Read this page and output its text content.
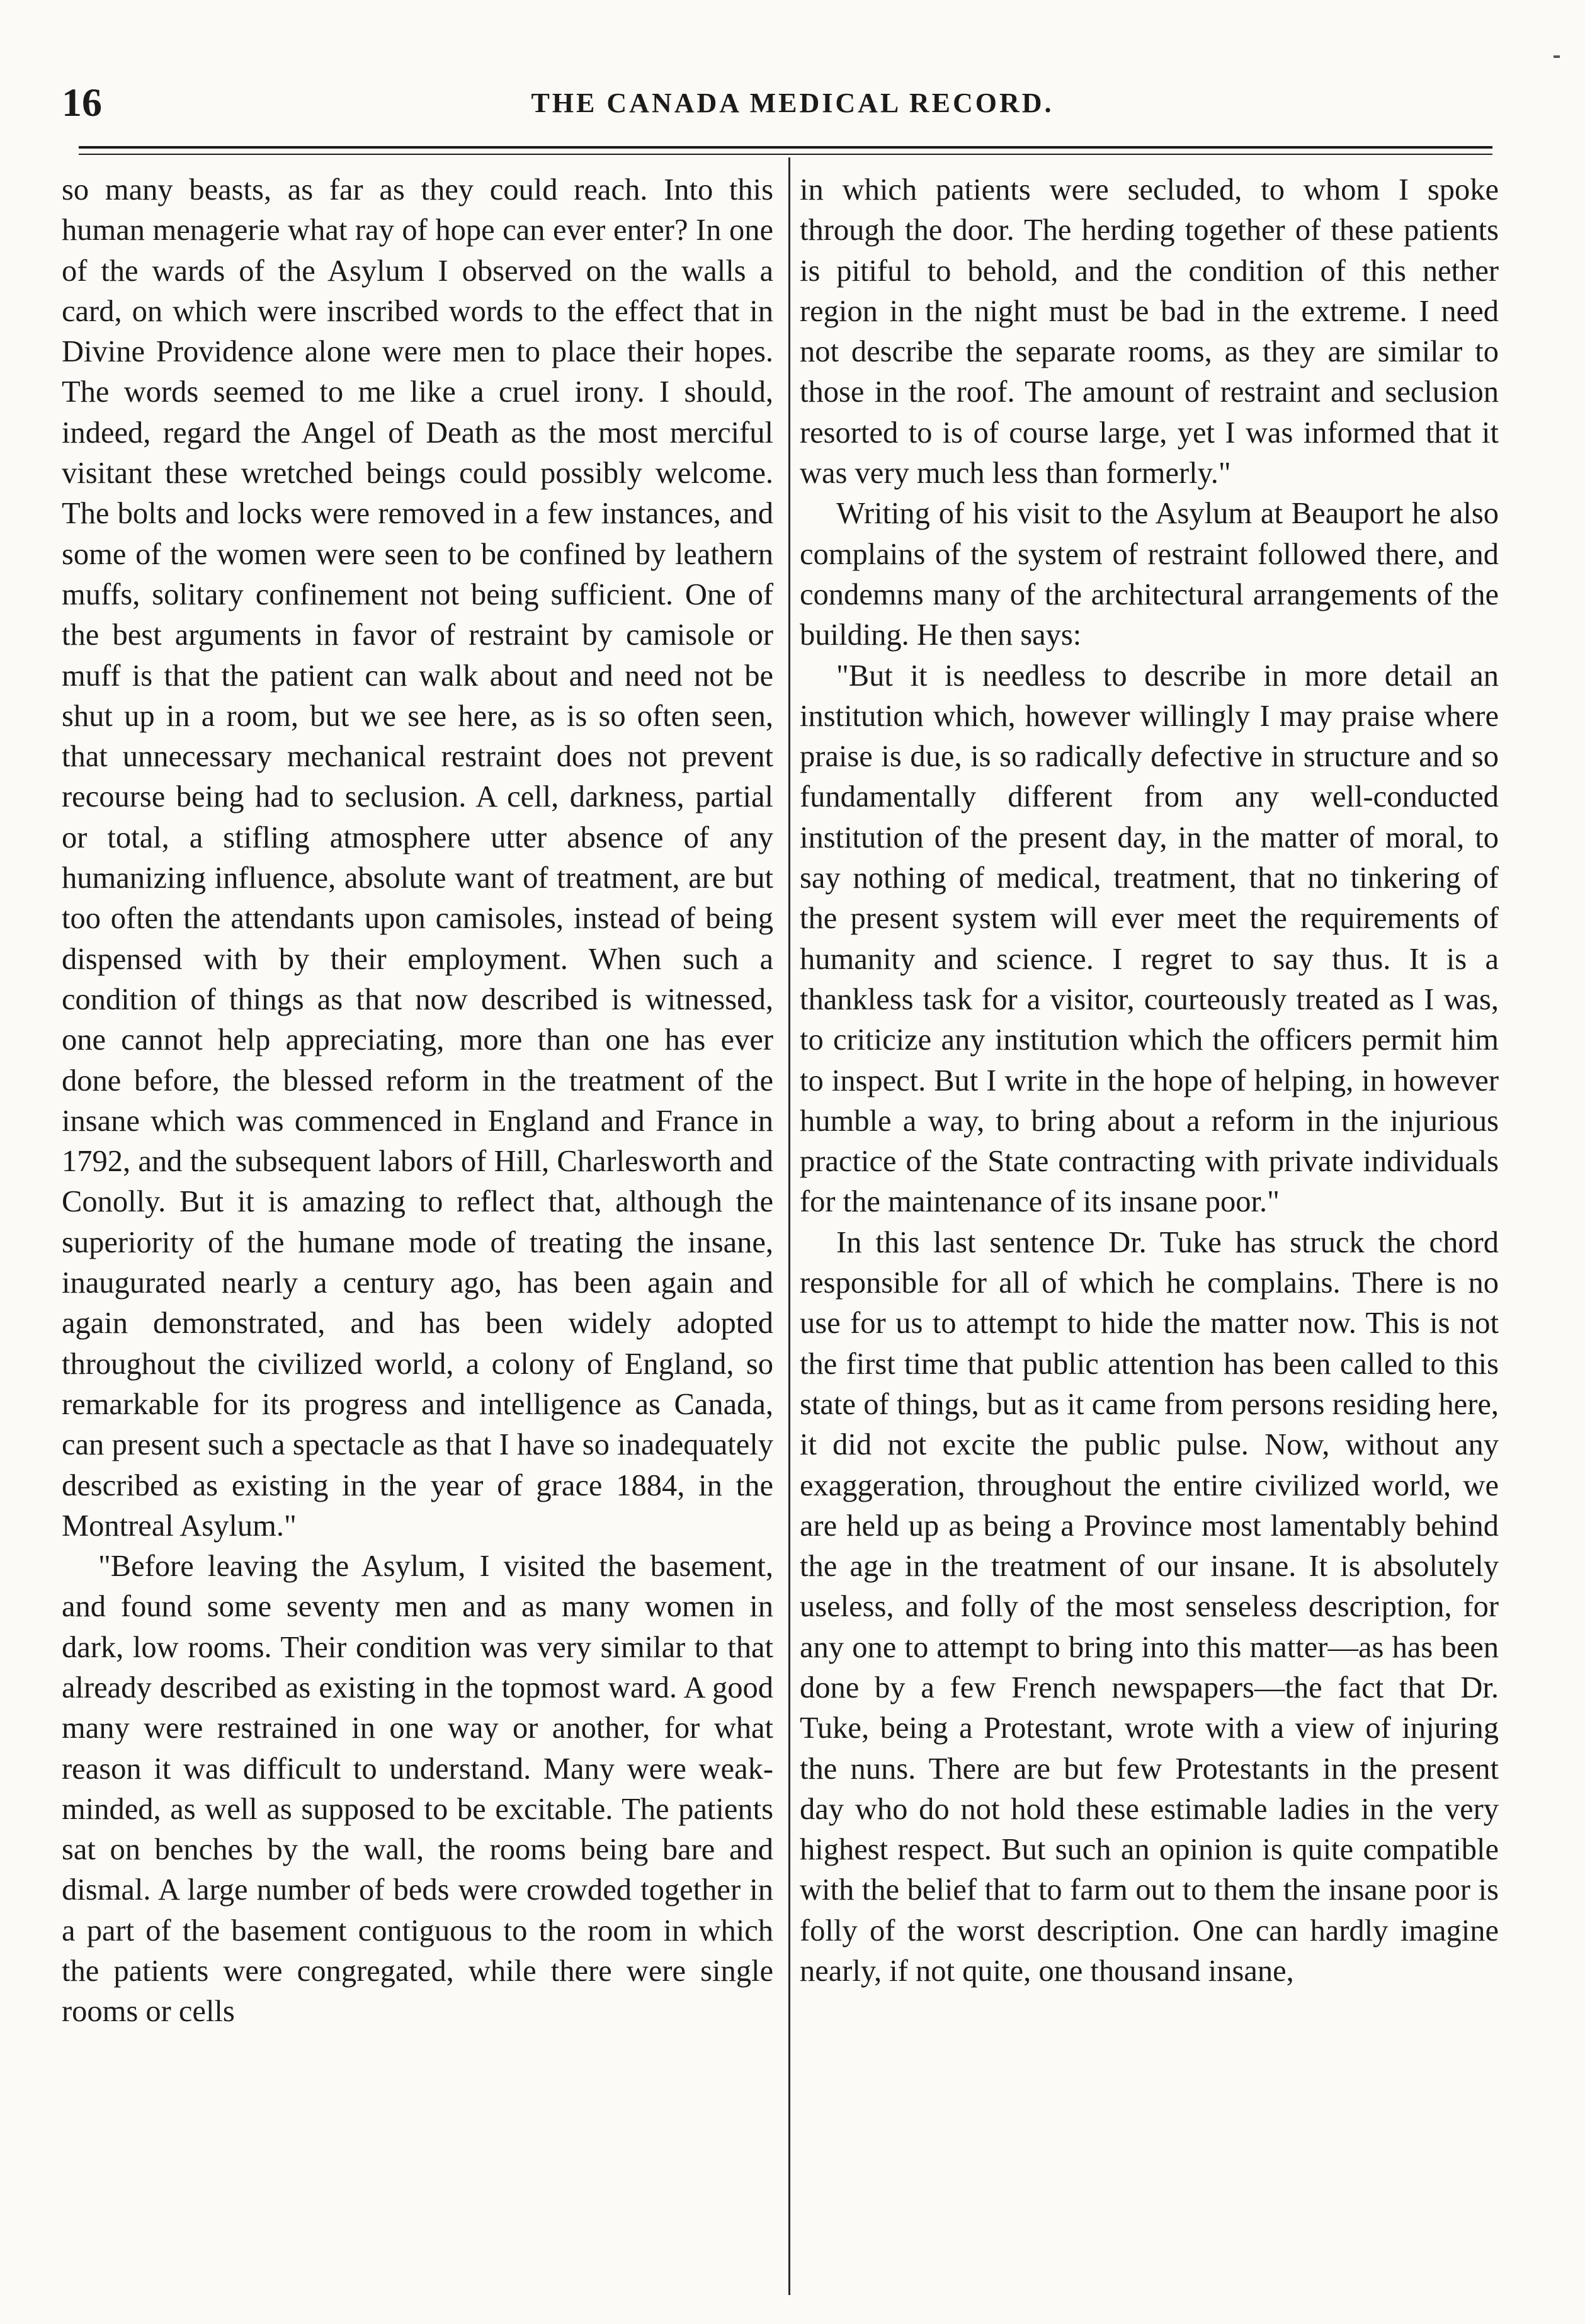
16	THE CANADA MEDICAL RECORD.

so many beasts, as far as they could reach. Into this human menagerie what ray of hope can ever enter? In one of the wards of the Asylum I observed on the walls a card, on which were inscribed words to the effect that in Divine Providence alone were men to place their hopes. The words seemed to me like a cruel irony. I should, indeed, regard the Angel of Death as the most merciful visitant these wretched beings could possibly welcome. The bolts and locks were removed in a few instances, and some of the women were seen to be confined by leathern muffs, solitary confinement not being sufficient. One of the best arguments in favor of restraint by camisole or muff is that the patient can walk about and need not be shut up in a room, but we see here, as is so often seen, that unnecessary mechanical restraint does not prevent recourse being had to seclusion. A cell, darkness, partial or total, a stifling atmosphere utter absence of any humanizing influence, absolute want of treatment, are but too often the attendants upon camisoles, instead of being dispensed with by their employment. When such a condition of things as that now described is witnessed, one cannot help appreciating, more than one has ever done before, the blessed reform in the treatment of the insane which was commenced in England and France in 1792, and the subsequent labors of Hill, Charlesworth and Conolly. But it is amazing to reflect that, although the superiority of the humane mode of treating the insane, inaugurated nearly a century ago, has been again and again demonstrated, and has been widely adopted throughout the civilized world, a colony of England, so remarkable for its progress and intelligence as Canada, can present such a spectacle as that I have so inadequately described as existing in the year of grace 1884, in the Montreal Asylum."

"Before leaving the Asylum, I visited the basement, and found some seventy men and as many women in dark, low rooms. Their condition was very similar to that already described as existing in the topmost ward. A good many were restrained in one way or another, for what reason it was difficult to understand. Many were weak-minded, as well as supposed to be excitable. The patients sat on benches by the wall, the rooms being bare and dismal. A large number of beds were crowded together in a part of the basement contiguous to the room in which the patients were congregated, while there were single rooms or cells

in which patients were secluded, to whom I spoke through the door. The herding together of these patients is pitiful to behold, and the condition of this nether region in the night must be bad in the extreme. I need not describe the separate rooms, as they are similar to those in the roof. The amount of restraint and seclusion resorted to is of course large, yet I was informed that it was very much less than formerly."

Writing of his visit to the Asylum at Beauport he also complains of the system of restraint followed there, and condemns many of the architectural arrangements of the building. He then says:

"But it is needless to describe in more detail an institution which, however willingly I may praise where praise is due, is so radically defective in structure and so fundamentally different from any well-conducted institution of the present day, in the matter of moral, to say nothing of medical, treatment, that no tinkering of the present system will ever meet the requirements of humanity and science. I regret to say thus. It is a thankless task for a visitor, courteously treated as I was, to criticize any institution which the officers permit him to inspect. But I write in the hope of helping, in however humble a way, to bring about a reform in the injurious practice of the State contracting with private individuals for the maintenance of its insane poor."

In this last sentence Dr. Tuke has struck the chord responsible for all of which he complains. There is no use for us to attempt to hide the matter now. This is not the first time that public attention has been called to this state of things, but as it came from persons residing here, it did not excite the public pulse. Now, without any exaggeration, throughout the entire civilized world, we are held up as being a Province most lamentably behind the age in the treatment of our insane. It is absolutely useless, and folly of the most senseless description, for any one to attempt to bring into this matter—as has been done by a few French newspapers—the fact that Dr. Tuke, being a Protestant, wrote with a view of injuring the nuns. There are but few Protestants in the present day who do not hold these estimable ladies in the very highest respect. But such an opinion is quite compatible with the belief that to farm out to them the insane poor is folly of the worst description. One can hardly imagine nearly, if not quite, one thousand insane,
